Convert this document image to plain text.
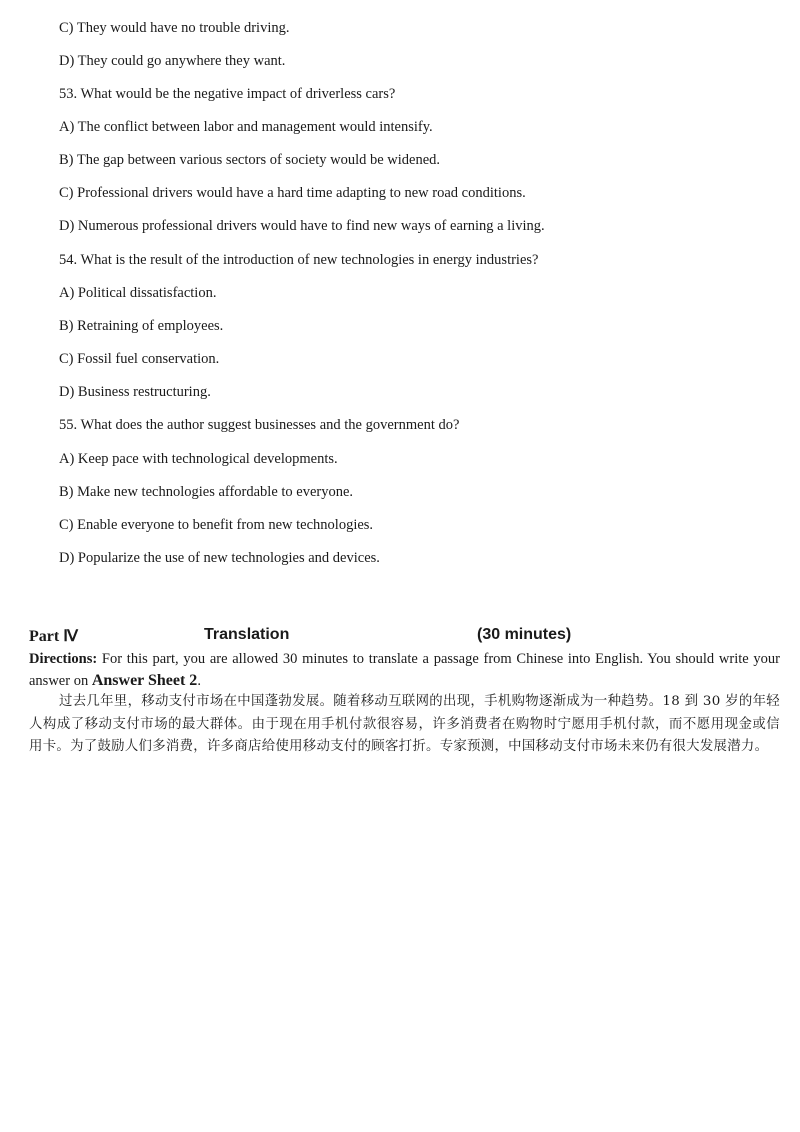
C) They would have no trouble driving.
D) They could go anywhere they want.
53. What would be the negative impact of driverless cars?
A) The conflict between labor and management would intensify.
B) The gap between various sectors of society would be widened.
C) Professional drivers would have a hard time adapting to new road conditions.
D) Numerous professional drivers would have to find new ways of earning a living.
54. What is the result of the introduction of new technologies in energy industries?
A) Political dissatisfaction.
B) Retraining of employees.
C) Fossil fuel conservation.
D) Business restructuring.
55. What does the author suggest businesses and the government do?
A) Keep pace with technological developments.
B) Make new technologies affordable to everyone.
C) Enable everyone to benefit from new technologies.
D) Popularize the use of new technologies and devices.
Part Ⅳ	Translation	(30 minutes)
Directions: For this part, you are allowed 30 minutes to translate a passage from Chinese into English. You should write your answer on Answer Sheet 2.
过去几年里，移动支付市场在中国蓬勃发展。随着移动互联网的出现，手机购物逐渐成为一种趋势。18 到 30 岁的年轻人构成了移动支付市场的最大群体。由于现在用手机付款很容易，许多消费者在购物时宁愿用手机付款，而不愿用现金或信用卡。为了鼓励人们多消费，许多商店给使用移动支付的顾客打折。专家预测，中国移动支付市场未来仍有很大发展潜力。
